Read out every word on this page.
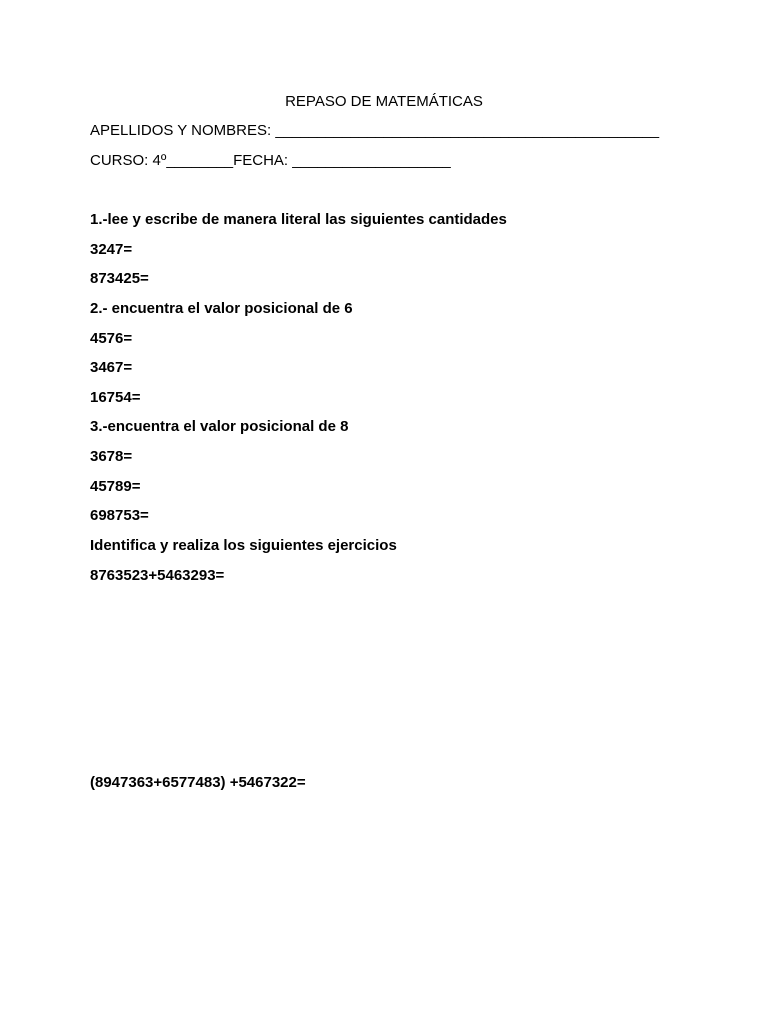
REPASO DE MATEMÁTICAS
APELLIDOS Y NOMBRES: ______________________________________________
CURSO: 4º________FECHA: ___________________
1.-lee y escribe de manera literal las siguientes cantidades
3247=
873425=
2.- encuentra el valor posicional de 6
4576=
3467=
16754=
3.-encuentra el valor posicional de 8
3678=
45789=
698753=
Identifica y realiza los siguientes ejercicios
8763523+5463293=
(8947363+6577483) +5467322=
